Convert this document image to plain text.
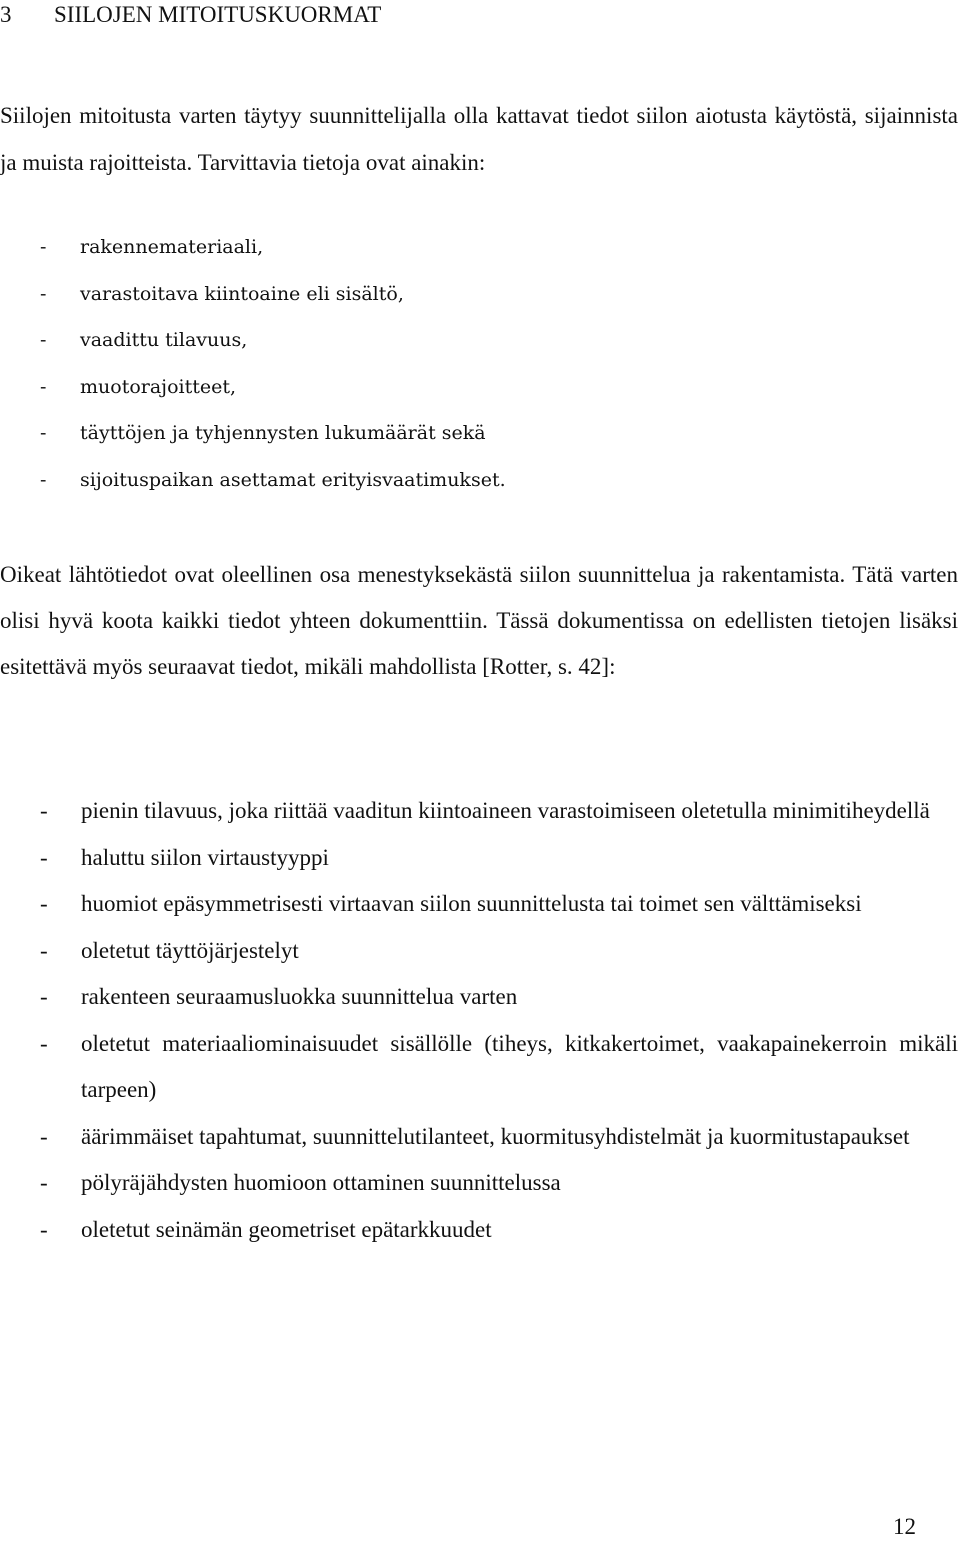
3 SIILOJEN MITOITUSKUORMAT

Siilojen mitoitusta varten täytyy suunnittelijalla olla kattavat tiedot siilon aiotusta käytöstä, sijainnista ja muista rajoitteista. Tarvittavia tietoja ovat ainakin:

- rakennemateriaali,
- varastoitava kiintoaine eli sisältö,
- vaadittu tilavuus,
- muotorajoitteet,
- täyttöjen ja tyhjennysten lukumäärät sekä
- sijoituspaikan asettamat erityisvaatimukset.

Oikeat lähtötiedot ovat oleellinen osa menestyksekästä siilon suunnittelua ja rakentamista. Tätä varten olisi hyvä koota kaikki tiedot yhteen dokumenttiin. Tässä dokumentissa on edellisten tietojen lisäksi esitettävä myös seuraavat tiedot, mikäli mahdollista [Rotter, s. 42]:

- pienin tilavuus, joka riittää vaaditun kiintoaineen varastoimiseen oletetulla minimitiheydellä
- haluttu siilon virtaustyyppi
- huomiot epäsymmetrisesti virtaavan siilon suunnittelusta tai toimet sen välttämiseksi
- oletetut täyttöjärjestelyt
- rakenteen seuraamusluokka suunnittelua varten
- oletetut materiaaliominaisuudet sisällölle (tiheys, kitkakertoimet, vaakapainekerroin mikäli tarpeen)
- äärimmäiset tapahtumat, suunnittelutilanteet, kuormitusyhdistelmät ja kuormitustapaukset
- pölyräjähdysten huomioon ottaminen suunnittelussa
- oletetut seinämän geometriset epätarkkuudet

12
